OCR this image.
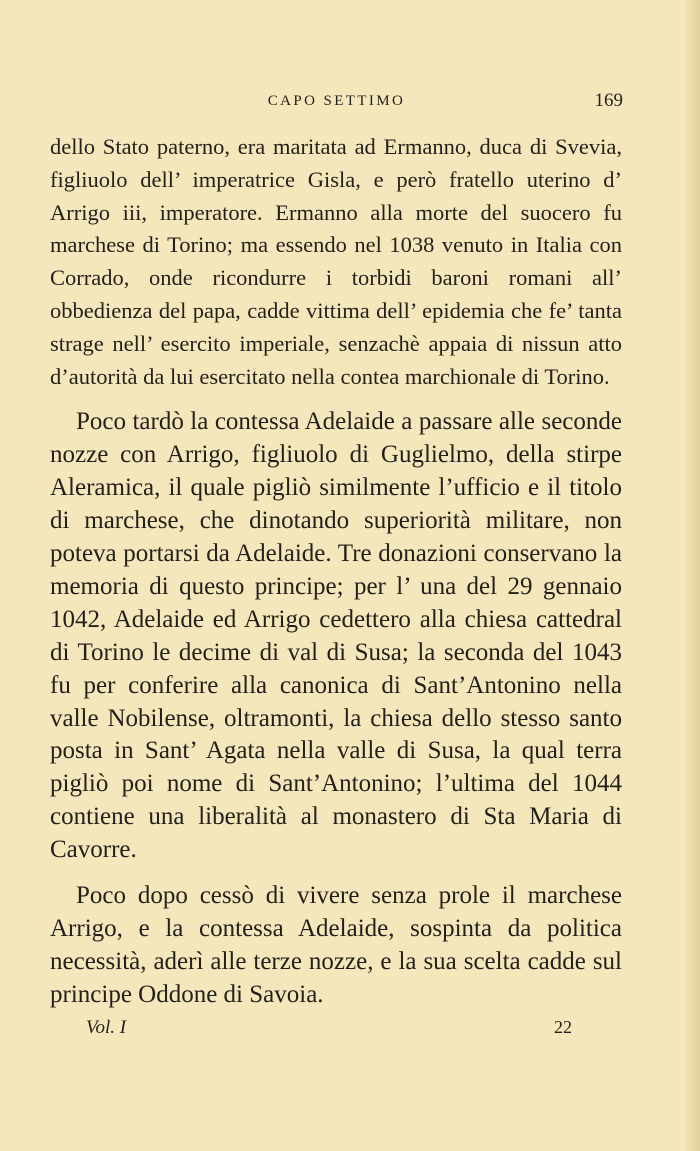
CAPO SETTIMO	169

dello Stato paterno, era maritata ad Ermanno, duca di Svevia, figliuolo dell’ imperatrice Gisla, e però fratello uterino d’ Arrigo iii, imperatore. Ermanno alla morte del suocero fu marchese di Torino; ma essendo nel 1038 venuto in Italia con Corrado, onde ricondurre i torbidi baroni romani all’ obbedienza del papa, cadde vittima dell’ epidemia che fe’ tanta strage nell’ esercito imperiale, senzachè appaia di nissun atto d’autorità da lui esercitato nella contea marchionale di Torino.

Poco tardò la contessa Adelaide a passare alle seconde nozze con Arrigo, figliuolo di Guglielmo, della stirpe Aleramica, il quale pigliò similmente l’ufficio e il titolo di marchese, che dinotando superiorità militare, non poteva portarsi da Adelaide. Tre donazioni conservano la memoria di questo principe; per l’ una del 29 gennaio 1042, Adelaide ed Arrigo cedettero alla chiesa cattedral di Torino le decime di val di Susa; la seconda del 1043 fu per conferire alla canonica di Sant’Antonino nella valle Nobilense, oltramonti, la chiesa dello stesso santo posta in Sant’ Agata nella valle di Susa, la qual terra pigliò poi nome di Sant’Antonino; l’ultima del 1044 contiene una liberalità al monastero di Sta Maria di Cavorre.

Poco dopo cessò di vivere senza prole il marchese Arrigo, e la contessa Adelaide, sospinta da politica necessità, aderì alle terze nozze, e la sua scelta cadde sul principe Oddone di Savoia.

Vol. I	22
